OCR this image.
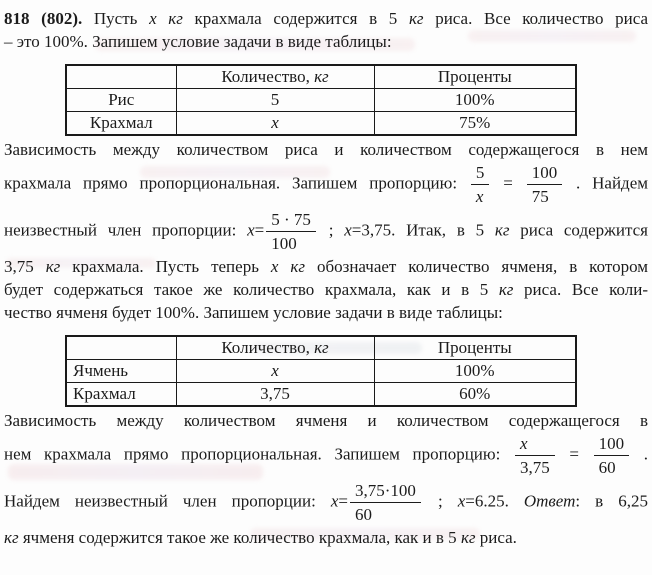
818 (802). Пусть x кг крахмала содержится в 5 кг риса. Все количество риса
– это 100%. Запишем условие задачи в виде таблицы:
	Количество, кг	Проценты
Рис	5	100%
Крахмал	x	75%
Зависимость между количеством риса и количеством содержащегося в нем
крахмала прямо пропорциональная. Запишем пропорцию: $\frac{5}{x} = \frac{100}{75}$ . Найдем
неизвестный член пропорции: $x= \frac{5 \cdot 75}{100}$ ; x=3,75. Итак, в 5 кг риса содержится
3,75 кг крахмала. Пусть теперь x кг обозначает количество ячменя, в котором
будет содержаться такое же количество крахмала, как и в 5 кг риса. Все коли-
чество ячменя будет 100%. Запишем условие задачи в виде таблицы:
	Количество, кг	Проценты
Ячмень	x	100%
Крахмал	3,75	60%
Зависимость между количеством ячменя и количеством содержащегося в
нем крахмала прямо пропорциональная. Запишем пропорцию: $\frac{x}{3,75} = \frac{100}{60}$ .
Найдем неизвестный член пропорции: $x= \frac{3,75\cdot 100}{60}$ ; x=6.25. Ответ: в 6,25
кг ячменя содержится такое же количество крахмала, как и в 5 кг риса.
